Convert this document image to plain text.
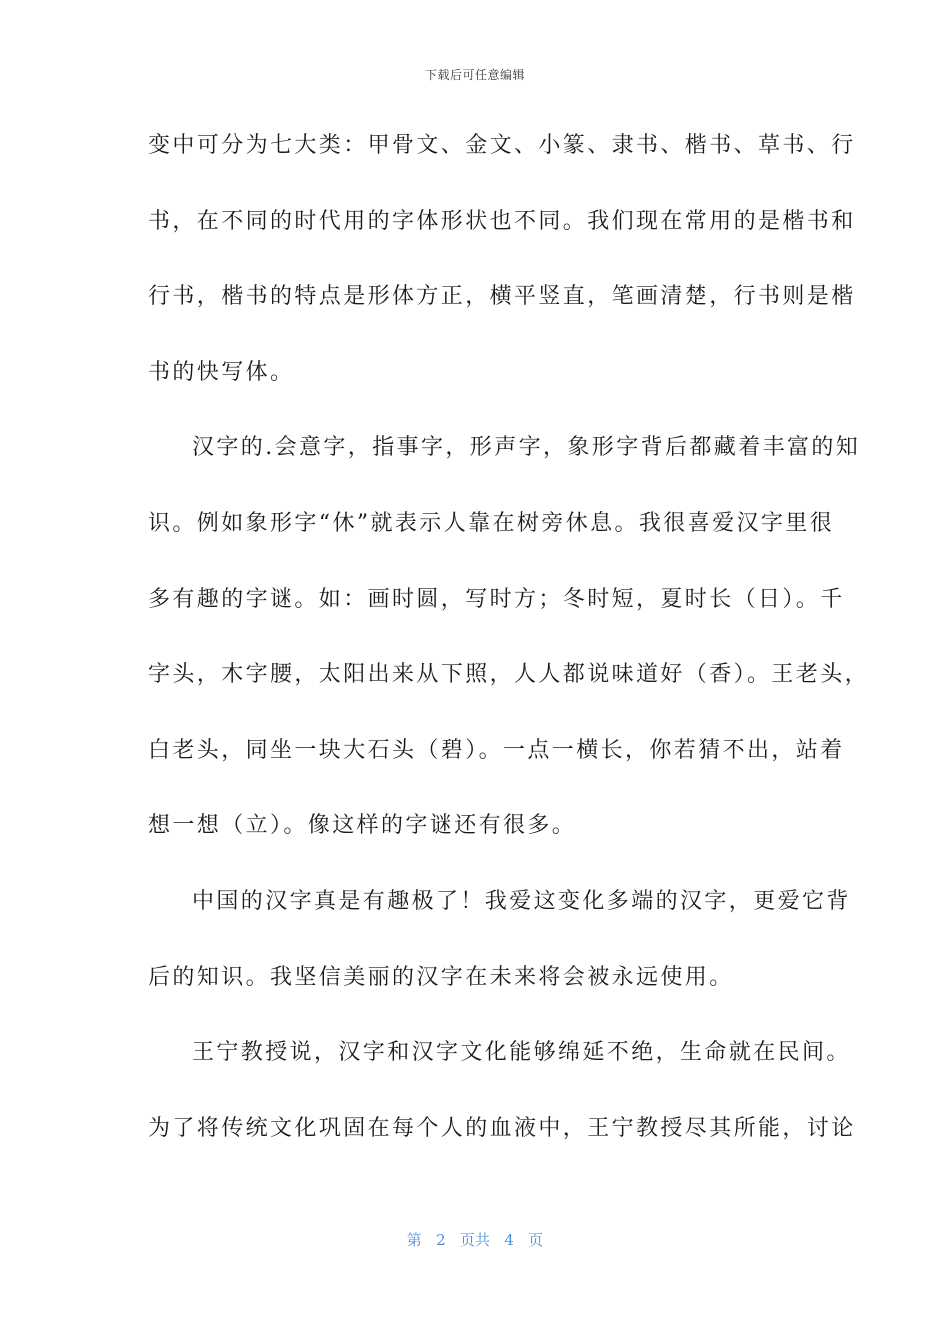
下载后可任意编辑
变中可分为七大类：甲骨文、金文、小篆、隶书、楷书、草书、行
书，在不同的时代用的字体形状也不同。我们现在常用的是楷书和
行书，楷书的特点是形体方正，横平竖直，笔画清楚，行书则是楷
书的快写体。
汉字的.会意字，指事字，形声字，象形字背后都藏着丰富的知
识。例如象形字“休”就表示人靠在树旁休息。我很喜爱汉字里很
多有趣的字谜。如：画时圆，写时方；冬时短，夏时长（日）。千
字头，木字腰，太阳出来从下照，人人都说味道好（香）。王老头，
白老头，同坐一块大石头（碧）。一点一横长，你若猜不出，站着
想一想（立）。像这样的字谜还有很多。
中国的汉字真是有趣极了！我爱这变化多端的汉字，更爱它背
后的知识。我坚信美丽的汉字在未来将会被永远使用。
王宁教授说，汉字和汉字文化能够绵延不绝，生命就在民间。
为了将传统文化巩固在每个人的血液中，王宁教授尽其所能，讨论
第 2 页共 4 页
